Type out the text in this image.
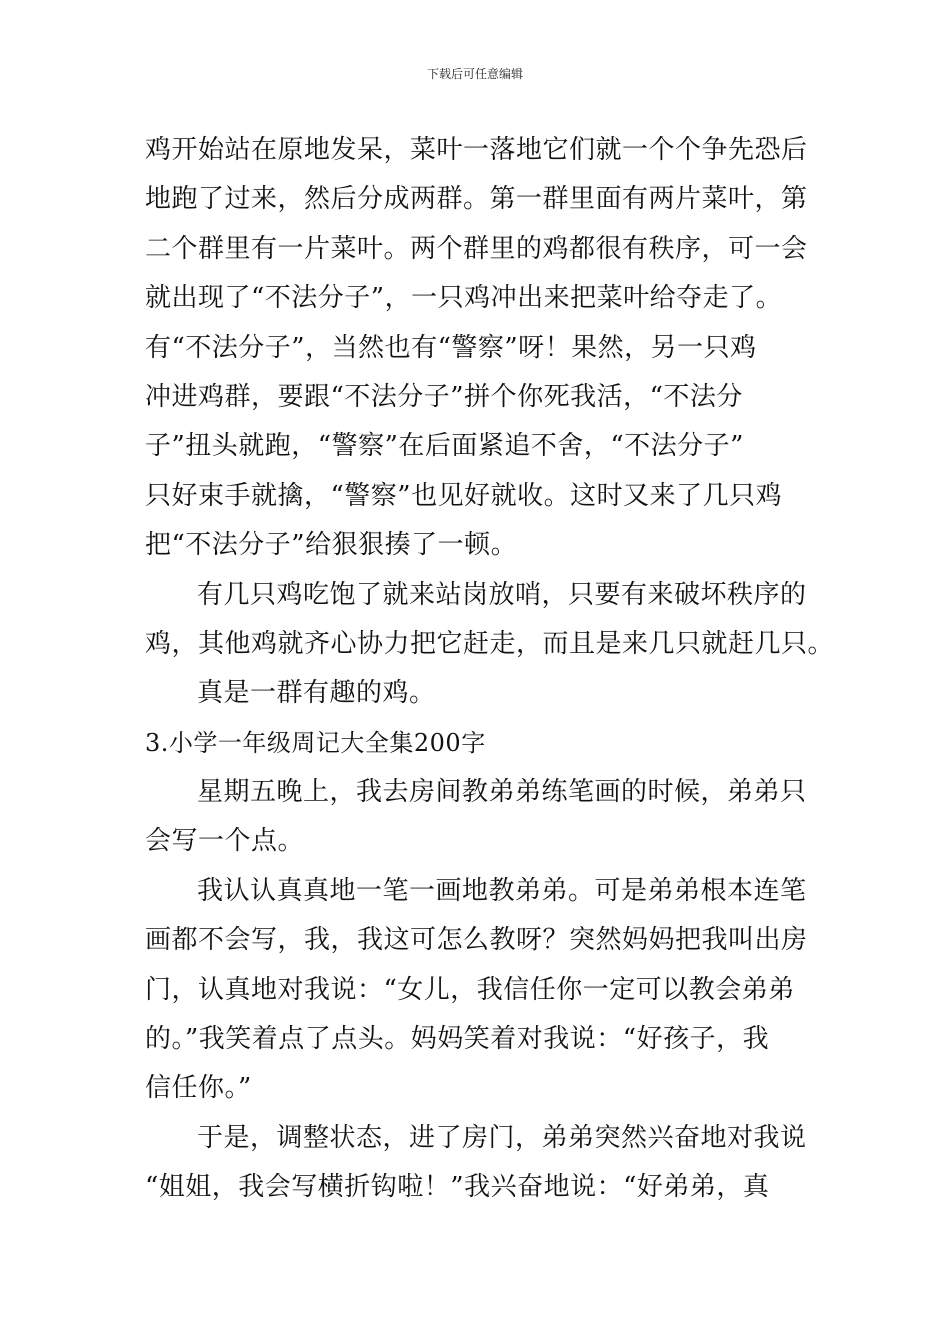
下载后可任意编辑
鸡开始站在原地发呆，菜叶一落地它们就一个个争先恐后
地跑了过来，然后分成两群。第一群里面有两片菜叶，第
二个群里有一片菜叶。两个群里的鸡都很有秩序，可一会
就出现了“不法分子”，一只鸡冲出来把菜叶给夺走了。
有“不法分子”，当然也有“警察”呀！果然，另一只鸡
冲进鸡群，要跟“不法分子”拼个你死我活，“不法分
子”扭头就跑，“警察”在后面紧追不舍，“不法分子”
只好束手就擒，“警察”也见好就收。这时又来了几只鸡
把“不法分子”给狠狠揍了一顿。
有几只鸡吃饱了就来站岗放哨，只要有来破坏秩序的
鸡，其他鸡就齐心协力把它赶走，而且是来几只就赶几只。
真是一群有趣的鸡。
3.小学一年级周记大全集200字
星期五晚上，我去房间教弟弟练笔画的时候，弟弟只
会写一个点。
我认认真真地一笔一画地教弟弟。可是弟弟根本连笔
画都不会写，我，我这可怎么教呀？突然妈妈把我叫出房
门，认真地对我说：“女儿，我信任你一定可以教会弟弟
的。”我笑着点了点头。妈妈笑着对我说：“好孩子，我
信任你。”
于是，调整状态，进了房门，弟弟突然兴奋地对我说
“姐姐，我会写横折钩啦！”我兴奋地说：“好弟弟，真
